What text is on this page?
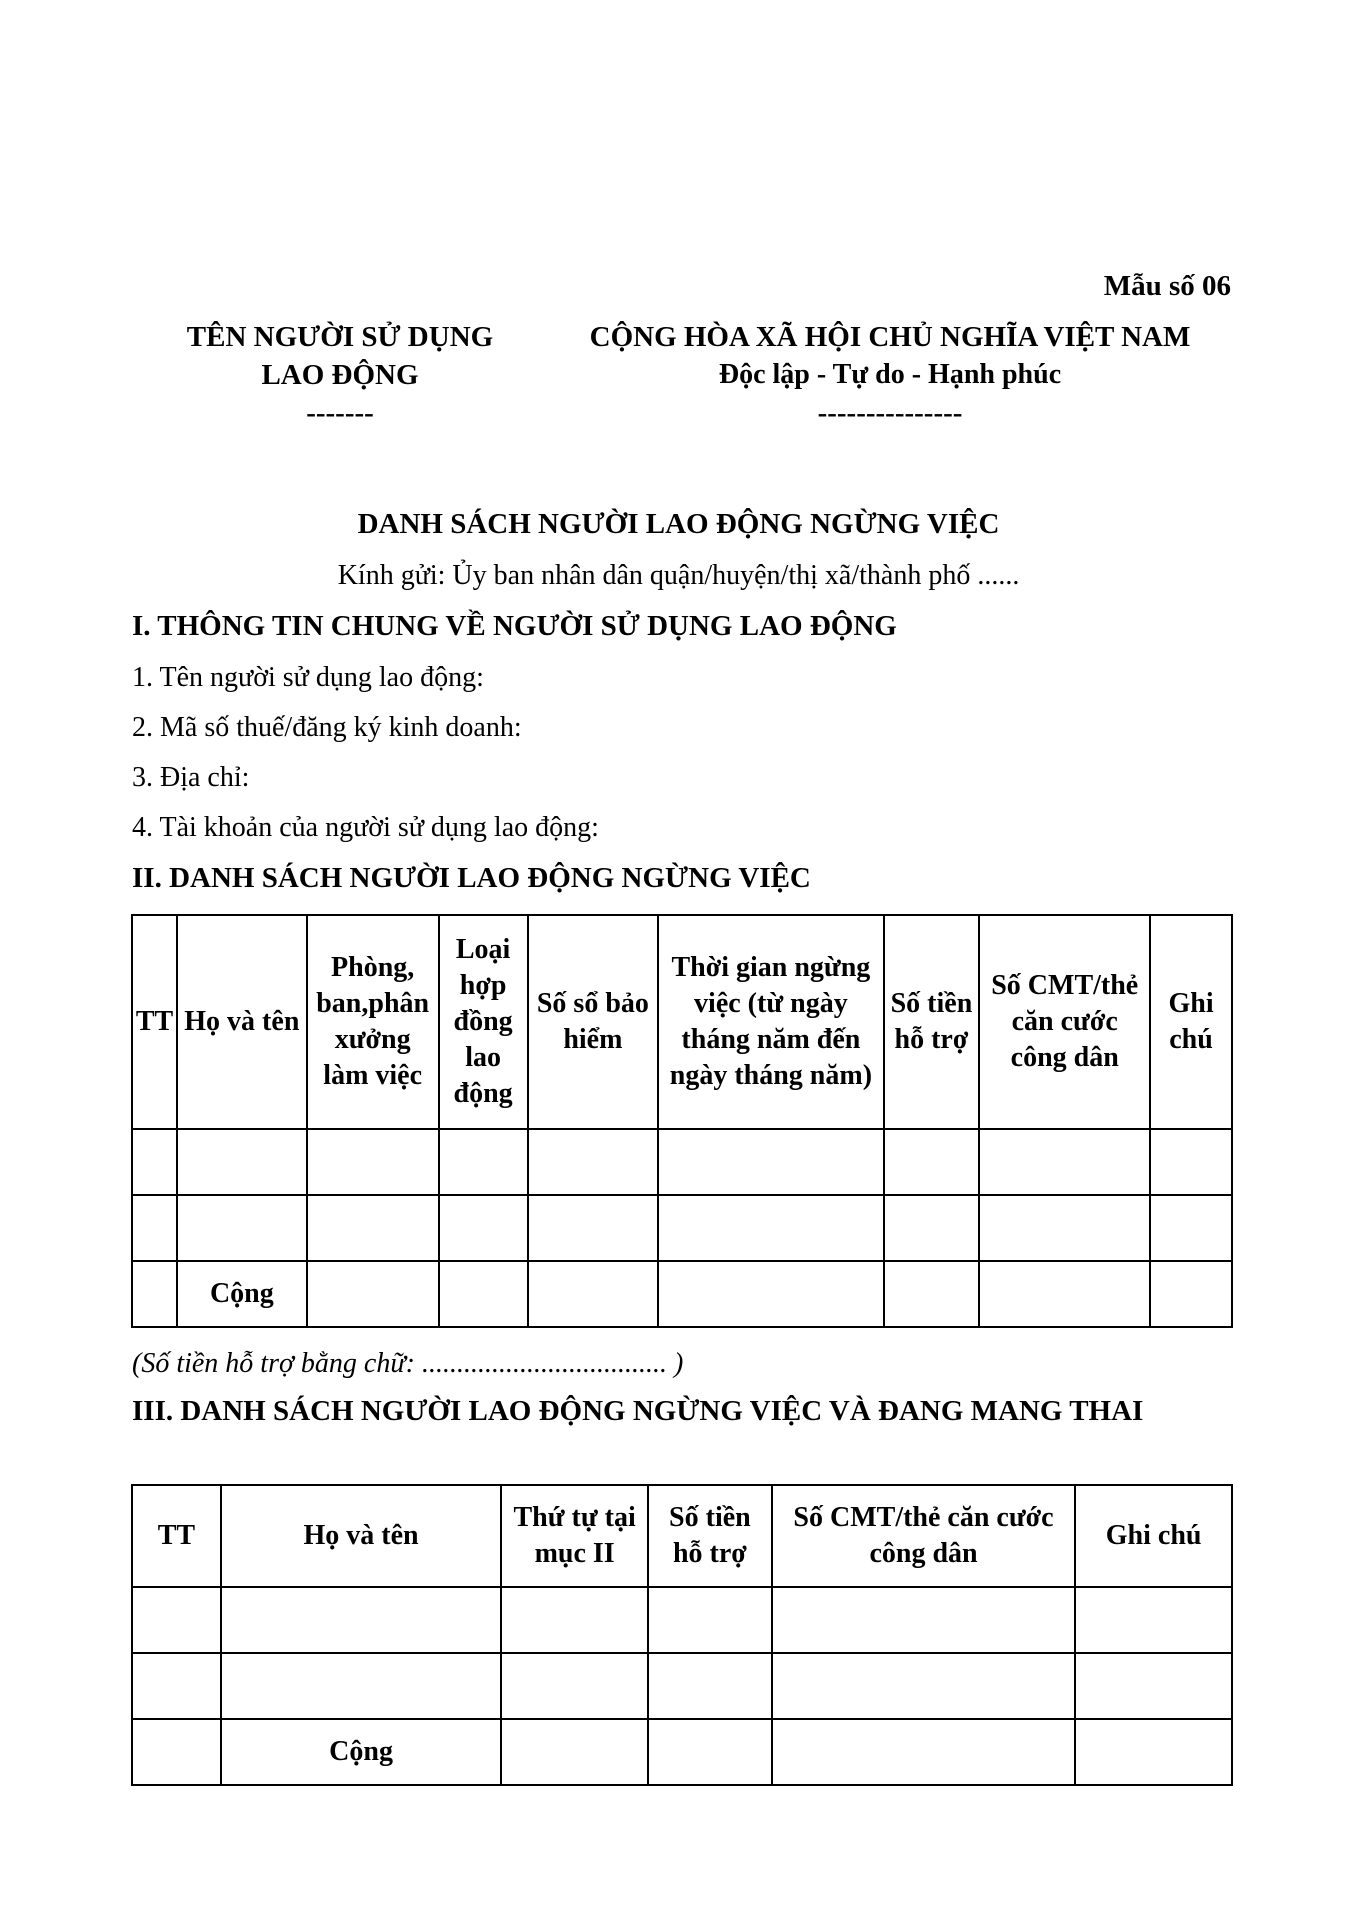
Mẫu số 06
TÊN NGƯỜI SỬ DỤNG
LAO ĐỘNG
-------
CỘNG HÒA XÃ HỘI CHỦ NGHĨA VIỆT NAM
Độc lập - Tự do - Hạnh phúc
---------------
DANH SÁCH NGƯỜI LAO ĐỘNG NGỪNG VIỆC
Kính gửi: Ủy ban nhân dân quận/huyện/thị xã/thành phố ......
I. THÔNG TIN CHUNG VỀ NGƯỜI SỬ DỤNG LAO ĐỘNG
1. Tên người sử dụng lao động:
2. Mã số thuế/đăng ký kinh doanh:
3. Địa chỉ:
4. Tài khoản của người sử dụng lao động:
II. DANH SÁCH NGƯỜI LAO ĐỘNG NGỪNG VIỆC
TT	Họ và tên	Phòng, ban,phân xưởng làm việc	Loại hợp đồng lao động	Số sổ bảo hiểm	Thời gian ngừng việc (từ ngày tháng năm đến ngày tháng năm)	Số tiền hỗ trợ	Số CMT/thẻ căn cước công dân	Ghi chú

	Cộng							
(Số tiền hỗ trợ bằng chữ: ................................... )
III. DANH SÁCH NGƯỜI LAO ĐỘNG NGỪNG VIỆC VÀ ĐANG MANG THAI
TT	Họ và tên	Thứ tự tại mục II	Số tiền hỗ trợ	Số CMT/thẻ căn cước công dân	Ghi chú

	Cộng				
